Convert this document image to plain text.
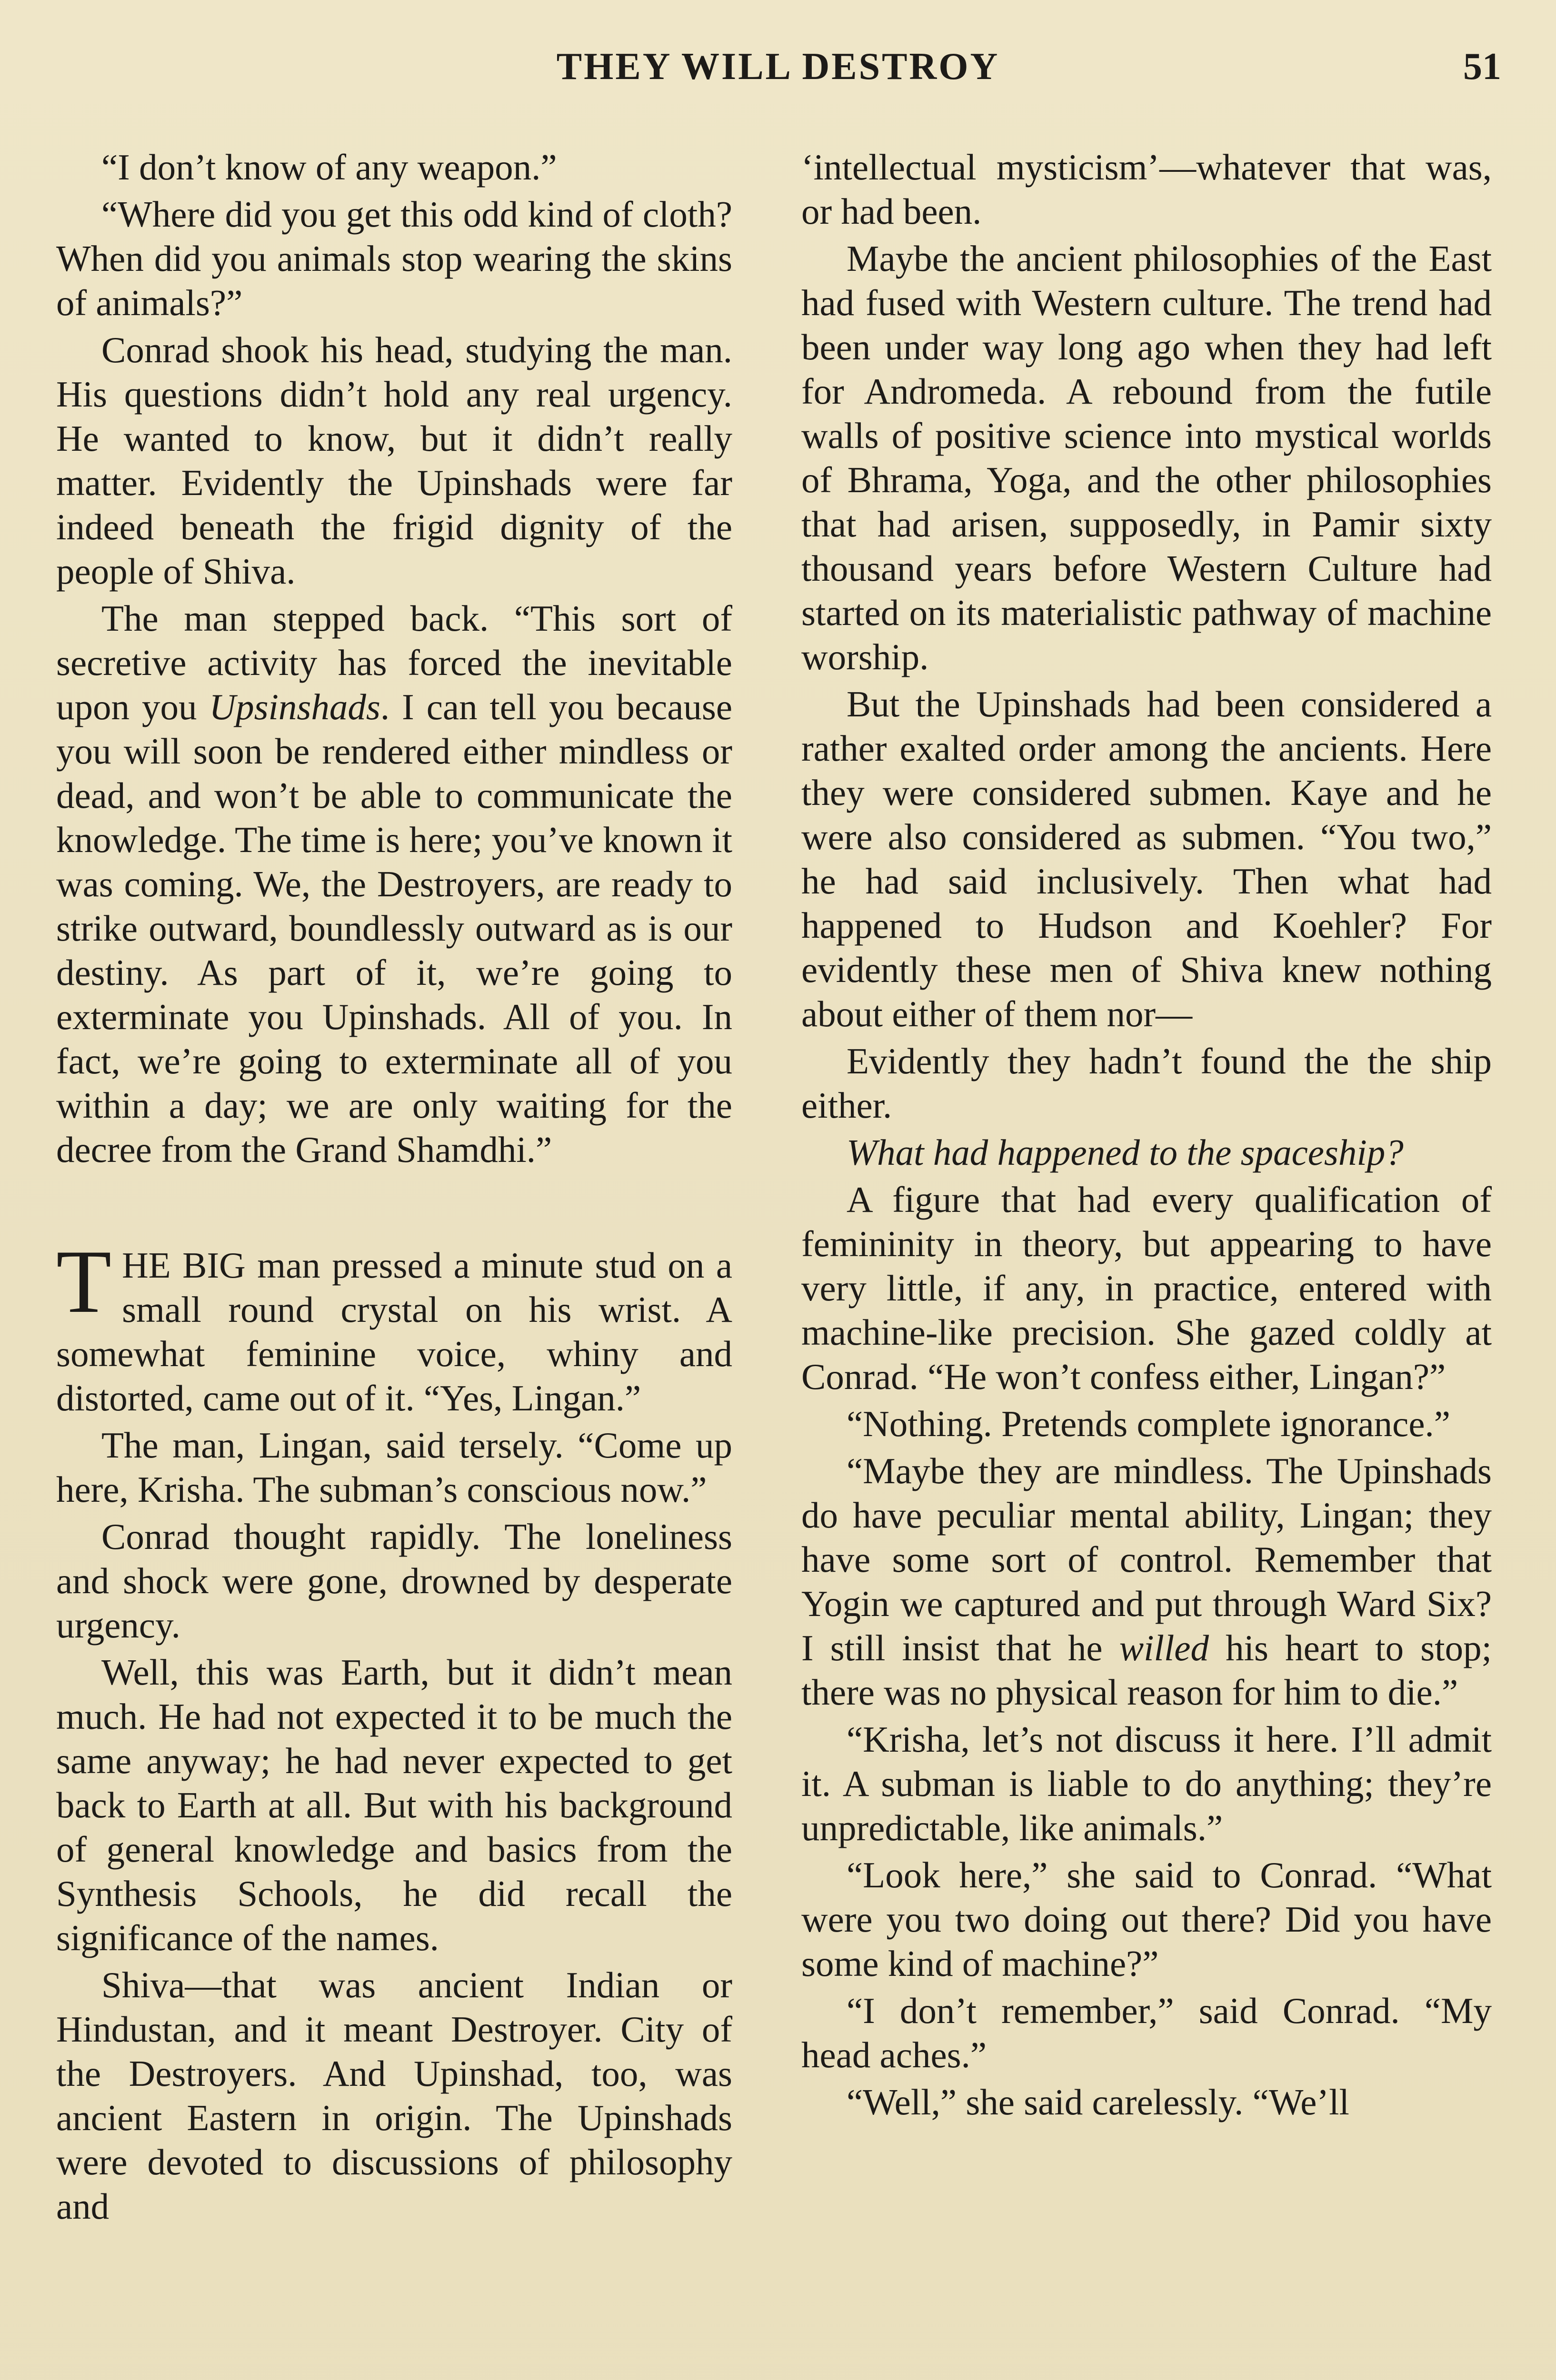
THEY WILL DESTROY	51

“I don’t know of any weapon.”

“Where did you get this odd kind of cloth? When did you animals stop wearing the skins of animals?”

Conrad shook his head, studying the man. His questions didn’t hold any real urgency. He wanted to know, but it didn’t really matter. Evidently the Upinshads were far indeed beneath the frigid dignity of the people of Shiva.

The man stepped back. “This sort of secretive activity has forced the inevitable upon you Upsinshads. I can tell you because you will soon be rendered either mindless or dead, and won’t be able to communicate the knowledge. The time is here; you’ve known it was coming. We, the Destroyers, are ready to strike outward, boundlessly outward as is our destiny. As part of it, we’re going to exterminate you Upinshads. All of you. In fact, we’re going to exterminate all of you within a day; we are only waiting for the decree from the Grand Shamdhi.”

THE BIG man pressed a minute stud on a small round crystal on his wrist. A somewhat feminine voice, whiny and distorted, came out of it. “Yes, Lingan.”

The man, Lingan, said tersely. “Come up here, Krisha. The subman’s conscious now.”

Conrad thought rapidly. The loneliness and shock were gone, drowned by desperate urgency.

Well, this was Earth, but it didn’t mean much. He had not expected it to be much the same anyway; he had never expected to get back to Earth at all. But with his background of general knowledge and basics from the Synthesis Schools, he did recall the significance of the names.

Shiva—that was ancient Indian or Hindustan, and it meant Destroyer. City of the Destroyers. And Upinshad, too, was ancient Eastern in origin. The Upinshads were devoted to discussions of philosophy and

‘intellectual mysticism’—whatever that was, or had been.

Maybe the ancient philosophies of the East had fused with Western culture. The trend had been under way long ago when they had left for Andromeda. A rebound from the futile walls of positive science into mystical worlds of Bhrama, Yoga, and the other philosophies that had arisen, supposedly, in Pamir sixty thousand years before Western Culture had started on its materialistic pathway of machine worship.

But the Upinshads had been considered a rather exalted order among the ancients. Here they were considered submen. Kaye and he were also considered as submen. “You two,” he had said inclusively. Then what had happened to Hudson and Koehler? For evidently these men of Shiva knew nothing about either of them nor—

Evidently they hadn’t found the the ship either.

What had happened to the spaceship?

A figure that had every qualification of femininity in theory, but appearing to have very little, if any, in practice, entered with machine-like precision. She gazed coldly at Conrad. “He won’t confess either, Lingan?”

“Nothing. Pretends complete ignorance.”

“Maybe they are mindless. The Upinshads do have peculiar mental ability, Lingan; they have some sort of control. Remember that Yogin we captured and put through Ward Six? I still insist that he willed his heart to stop; there was no physical reason for him to die.”

“Krisha, let’s not discuss it here. I’ll admit it. A subman is liable to do anything; they’re unpredictable, like animals.”

“Look here,” she said to Conrad. “What were you two doing out there? Did you have some kind of machine?”

“I don’t remember,” said Conrad. “My head aches.”

“Well,” she said carelessly. “We’ll
